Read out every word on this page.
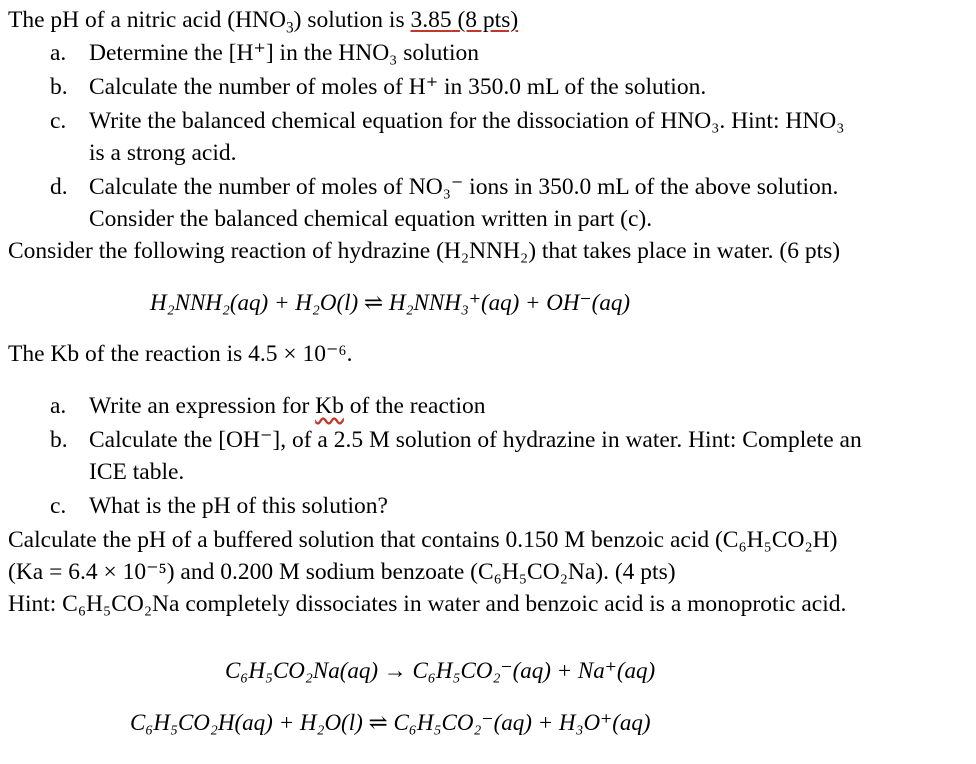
The pH of a nitric acid $(HNO_3)$ solution is 3.85 (8 pts)
a. Determine the [H⁺] in the HNO₃ solution
b. Calculate the number of moles of H⁺ in 350.0 mL of the solution.
c. Write the balanced chemical equation for the dissociation of HNO₃. Hint: HNO₃
is a strong acid.
d. Calculate the number of moles of NO₃⁻ ions in 350.0 mL of the above solution.
Consider the balanced chemical equation written in part (c).
Consider the following reaction of hydrazine (H₂NNH₂) that takes place in water. (6 pts)
H₂NNH₂(aq) + H₂O(l) ⇌ H₂NNH₃⁺(aq) + OH⁻(aq)
The Kb of the reaction is 4.5 × 10⁻⁶.
a. Write an expression for Kb of the reaction
b. Calculate the [OH⁻], of a 2.5 M solution of hydrazine in water. Hint: Complete an
ICE table.
c. What is the pH of this solution?
Calculate the pH of a buffered solution that contains 0.150 M benzoic acid (C₆H₅CO₂H)
(Ka = 6.4 × 10⁻⁵) and 0.200 M sodium benzoate (C₆H₅CO₂Na). (4 pts)
Hint: C₆H₅CO₂Na completely dissociates in water and benzoic acid is a monoprotic acid.
C₆H₅CO₂Na(aq) → C₆H₅CO₂⁻(aq) + Na⁺(aq)
C₆H₅CO₂H(aq) + H₂O(l) ⇌ C₆H₅CO₂⁻(aq) + H₃O⁺(aq)
